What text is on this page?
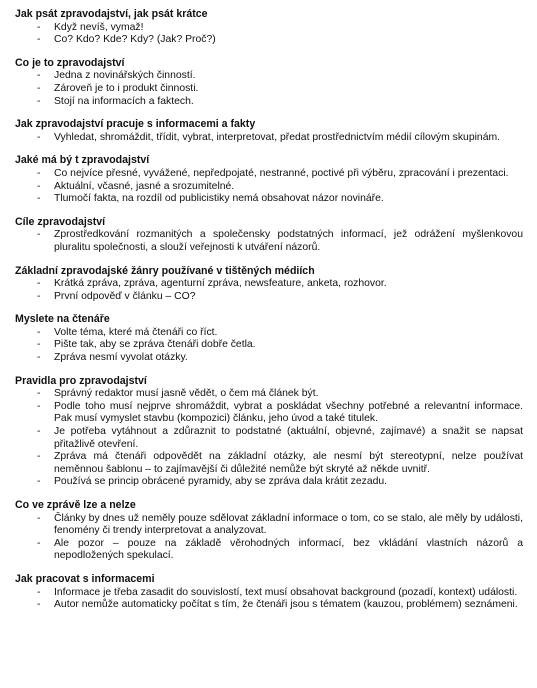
Jak psát zpravodajství, jak psát krátce
- Když nevíš, vymaž!
- Co? Kdo? Kde? Kdy? (Jak? Proč?)
Co je to zpravodajství
- Jedna z novinářských činností.
- Zároveň je to i produkt činnosti.
- Stojí na informacích a faktech.
Jak zpravodajství pracuje s informacemi a fakty
- Vyhledat, shromáždit, třídit, vybrat, interpretovat, předat prostřednictvím médií cílovým skupinám.
Jaké má bý t zpravodajství
- Co nejvíce přesné, vyvážené, nepředpojaté, nestranné, poctivé při výběru, zpracování i prezentaci.
- Aktuální, včasné, jasné a srozumitelné.
- Tlumočí fakta, na rozdíl od publicistiky nemá obsahovat názor novináře.
Cíle zpravodajství
- Zprostředkování rozmanitých a společensky podstatných informací, jež odrážení myšlenkovou pluralitu společnosti, a slouží veřejnosti k utváření názorů.
Základní zpravodajské žánry používané v tištěných médiích
- Krátká zpráva, zpráva, agenturní zpráva, newsfeature, anketa, rozhovor.
- První odpověď v článku – CO?
Myslete na čtenáře
- Volte téma, které má čtenáři co říct.
- Pište tak, aby se zpráva čtenáři dobře četla.
- Zpráva nesmí vyvolat otázky.
Pravidla pro zpravodajství
- Správný redaktor musí jasně vědět, o čem má článek být.
- Podle toho musí nejprve shromáždit, vybrat a poskládat všechny potřebné a relevantní informace. Pak musí vymyslet stavbu (kompozici) článku, jeho úvod a také titulek.
- Je potřeba vytáhnout a zdůraznit to podstatné (aktuální, objevné, zajímavé) a snažit se napsat přitažlivě otevření.
- Zpráva má čtenáři odpovědět na základní otázky, ale nesmí být stereotypní, nelze používat neměnnou šablonu – to zajímavější či důležité nemůže být skryté až někde uvnitř.
- Používá se princip obrácené pyramidy, aby se zpráva dala krátit zezadu.
Co ve zprávě lze a nelze
- Články by dnes už neměly pouze sdělovat základní informace o tom, co se stalo, ale měly by události, fenomény či trendy interpretovat a analyzovat.
- Ale pozor – pouze na základě věrohodných informací, bez vkládání vlastních názorů a nepodložených spekulací.
Jak pracovat s informacemi
- Informace je třeba zasadit do souvislostí, text musí obsahovat background (pozadí, kontext) události.
- Autor nemůže automaticky počítat s tím, že čtenáři jsou s tématem (kauzou, problémem) seznámeni.
